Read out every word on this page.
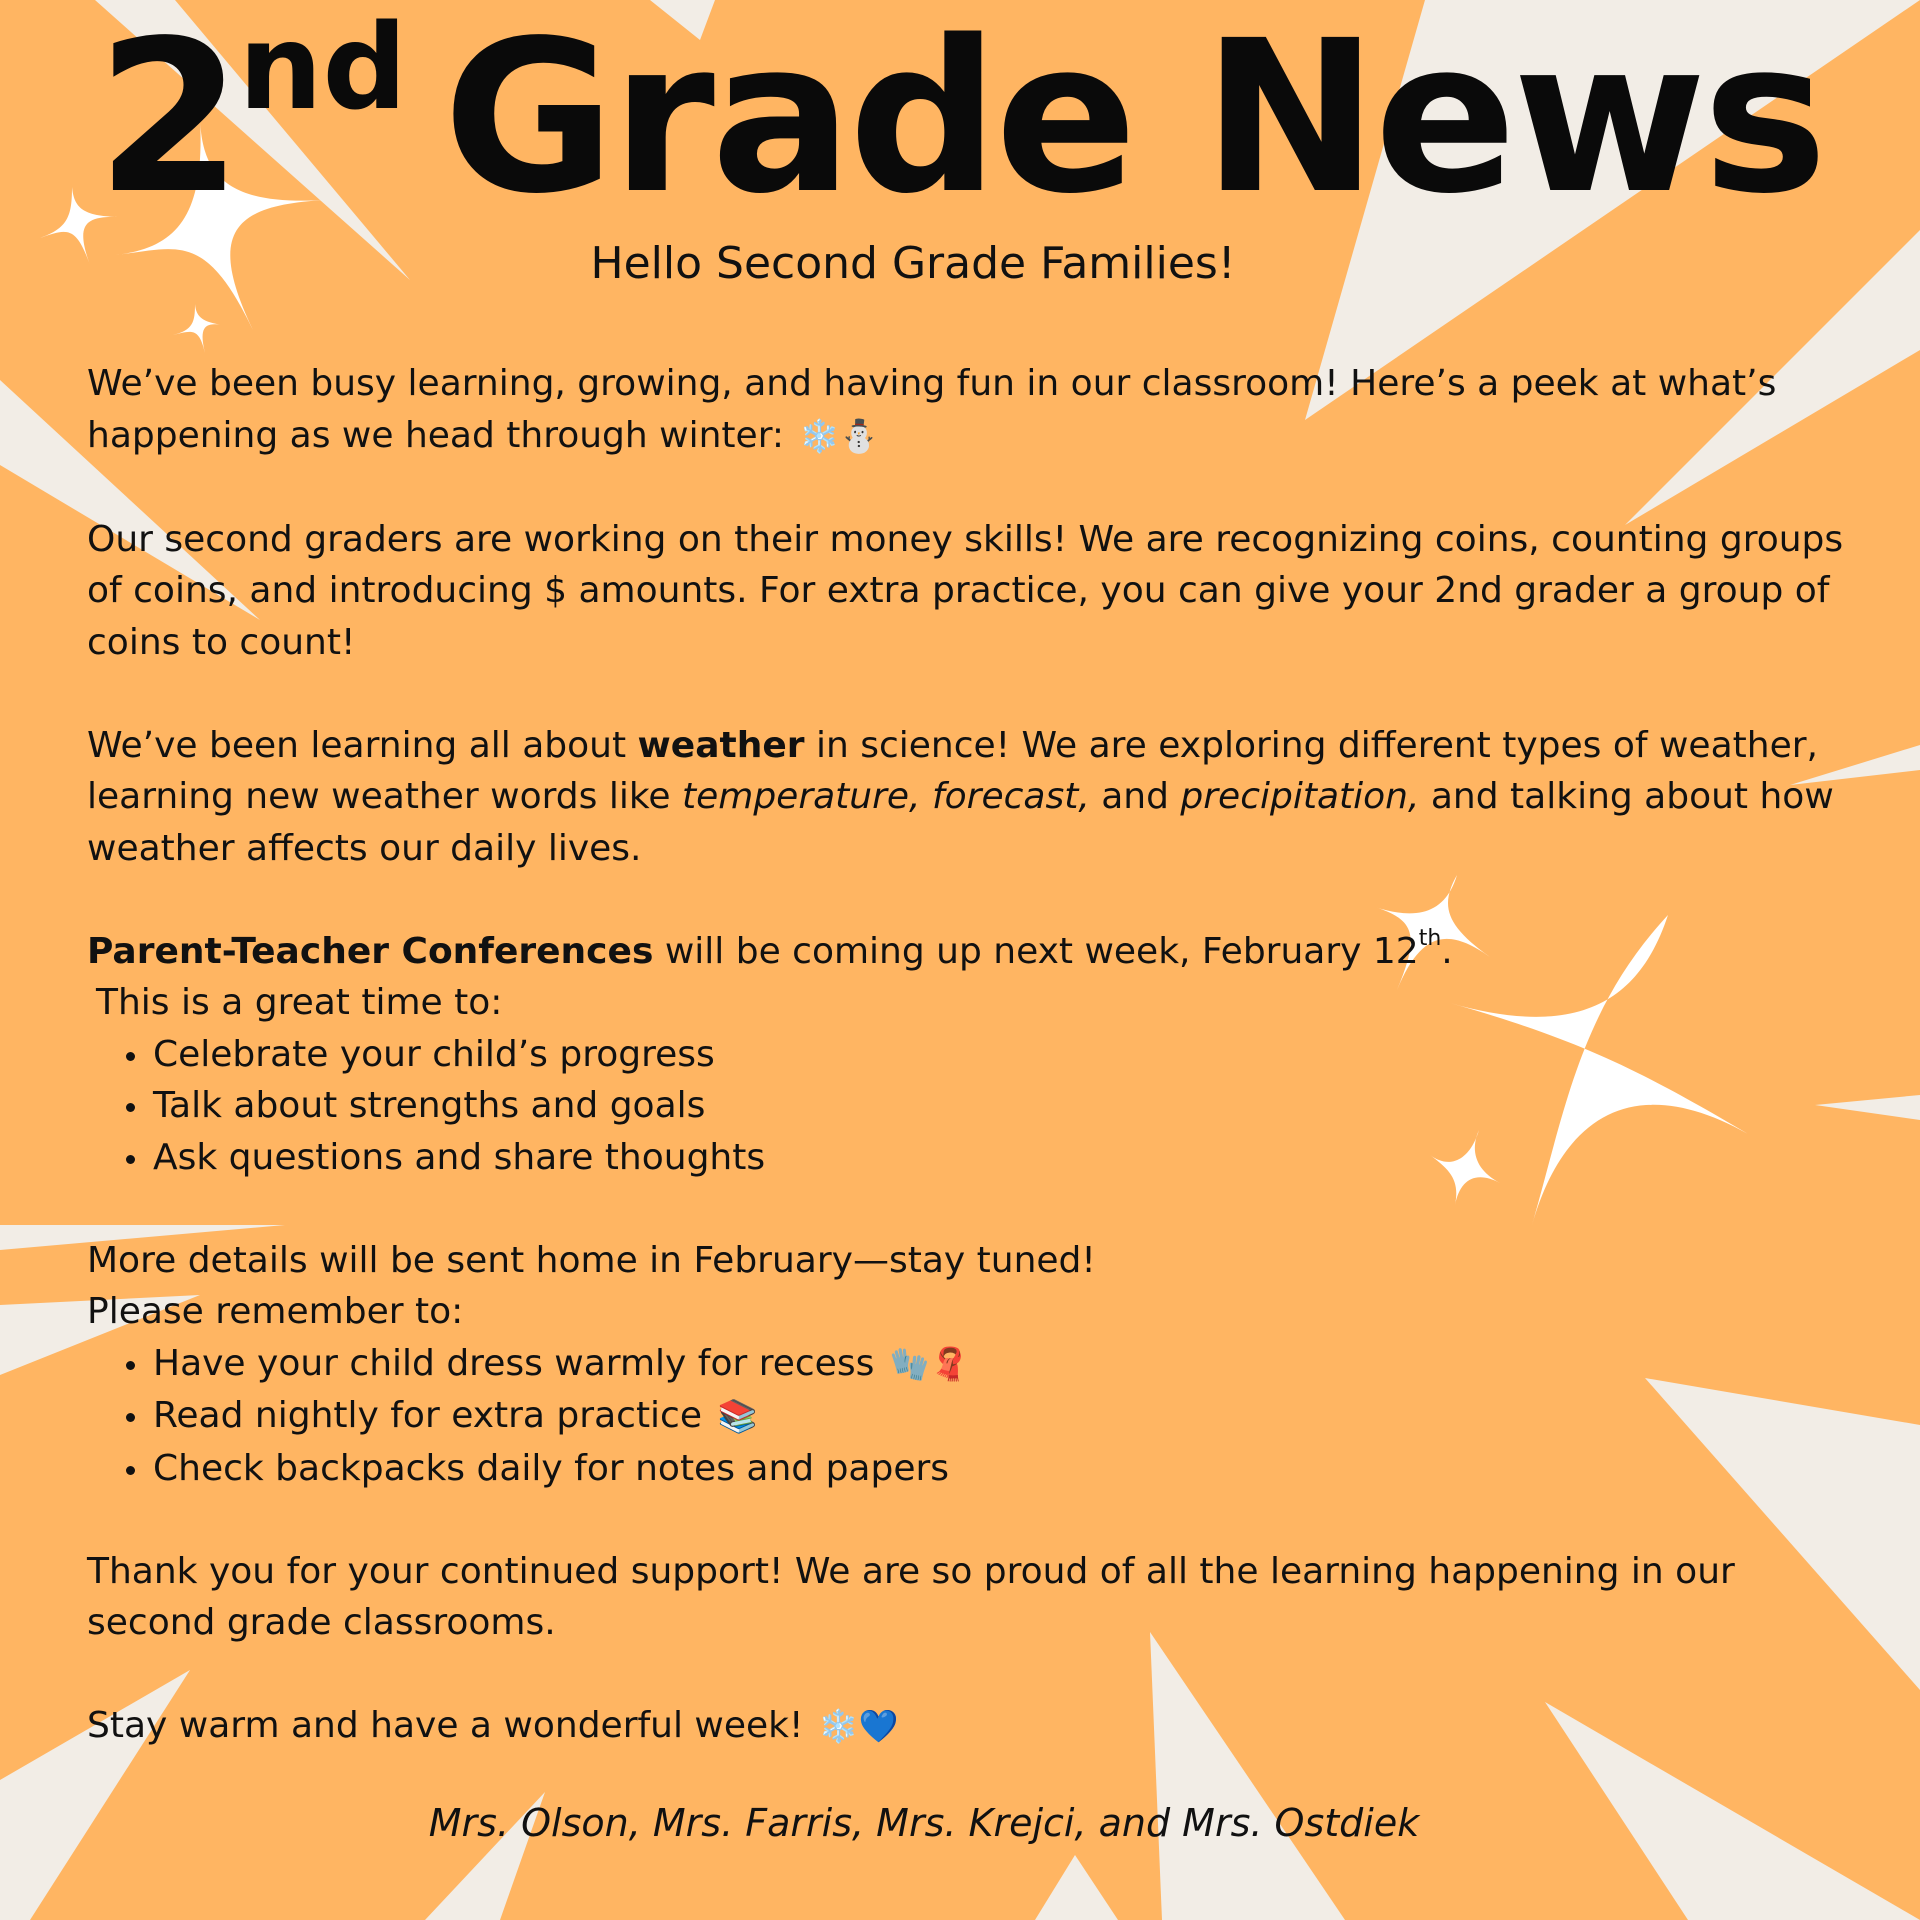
2nd Grade News
Hello Second Grade Families!

We’ve been busy learning, growing, and having fun in our classroom! Here’s a peek at what’s happening as we head through winter: ❄️⛄

Our second graders are working on their money skills! We are recognizing coins, counting groups of coins, and introducing $ amounts. For extra practice, you can give your 2nd grader a group of coins to count!

We’ve been learning all about weather in science! We are exploring different types of weather, learning new weather words like temperature, forecast, and precipitation, and talking about how weather affects our daily lives.

Parent-Teacher Conferences will be coming up next week, February 12th.

This is a great time to:

• Celebrate your child’s progress
• Talk about strengths and goals
• Ask questions and share thoughts

More details will be sent home in February—stay tuned!

Please remember to:

• Have your child dress warmly for recess 🧤🧣
• Read nightly for extra practice 📚
• Check backpacks daily for notes and papers

Thank you for your continued support! We are so proud of all the learning happening in our second grade classrooms.

Stay warm and have a wonderful week! ❄️💙

Mrs. Olson, Mrs. Farris, Mrs. Krejci, and Mrs. Ostdiek
